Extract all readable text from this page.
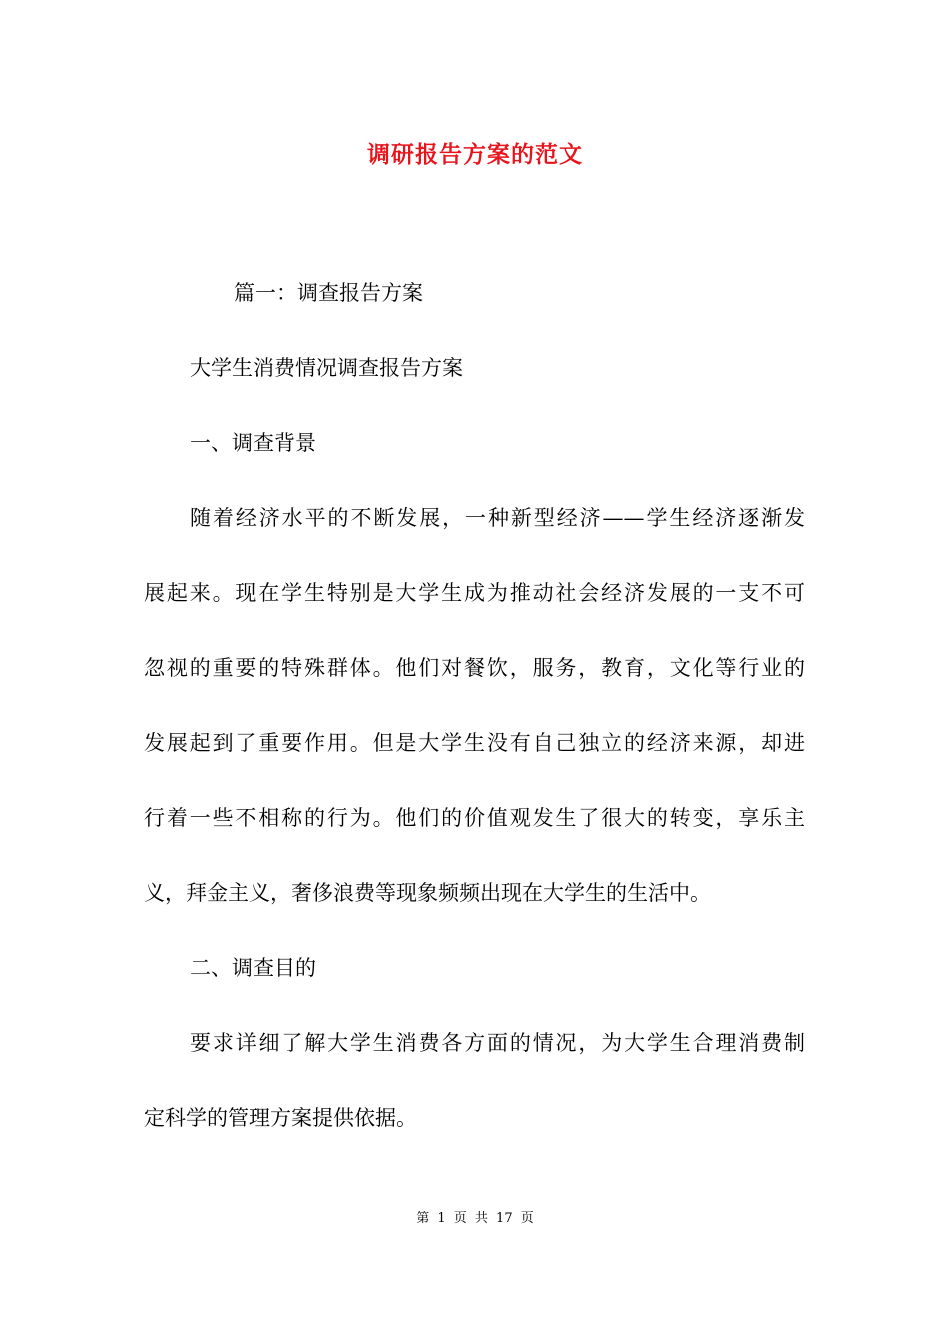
调研报告方案的范文
篇一：调查报告方案
大学生消费情况调查报告方案
一、调查背景
随着经济水平的不断发展，一种新型经济——学生经济逐渐发
展起来。现在学生特别是大学生成为推动社会经济发展的一支不可
忽视的重要的特殊群体。他们对餐饮，服务，教育，文化等行业的
发展起到了重要作用。但是大学生没有自己独立的经济来源，却进
行着一些不相称的行为。他们的价值观发生了很大的转变，享乐主
义，拜金主义，奢侈浪费等现象频频出现在大学生的生活中。
二、调查目的
要求详细了解大学生消费各方面的情况，为大学生合理消费制
定科学的管理方案提供依据。
第 1 页 共 17 页
